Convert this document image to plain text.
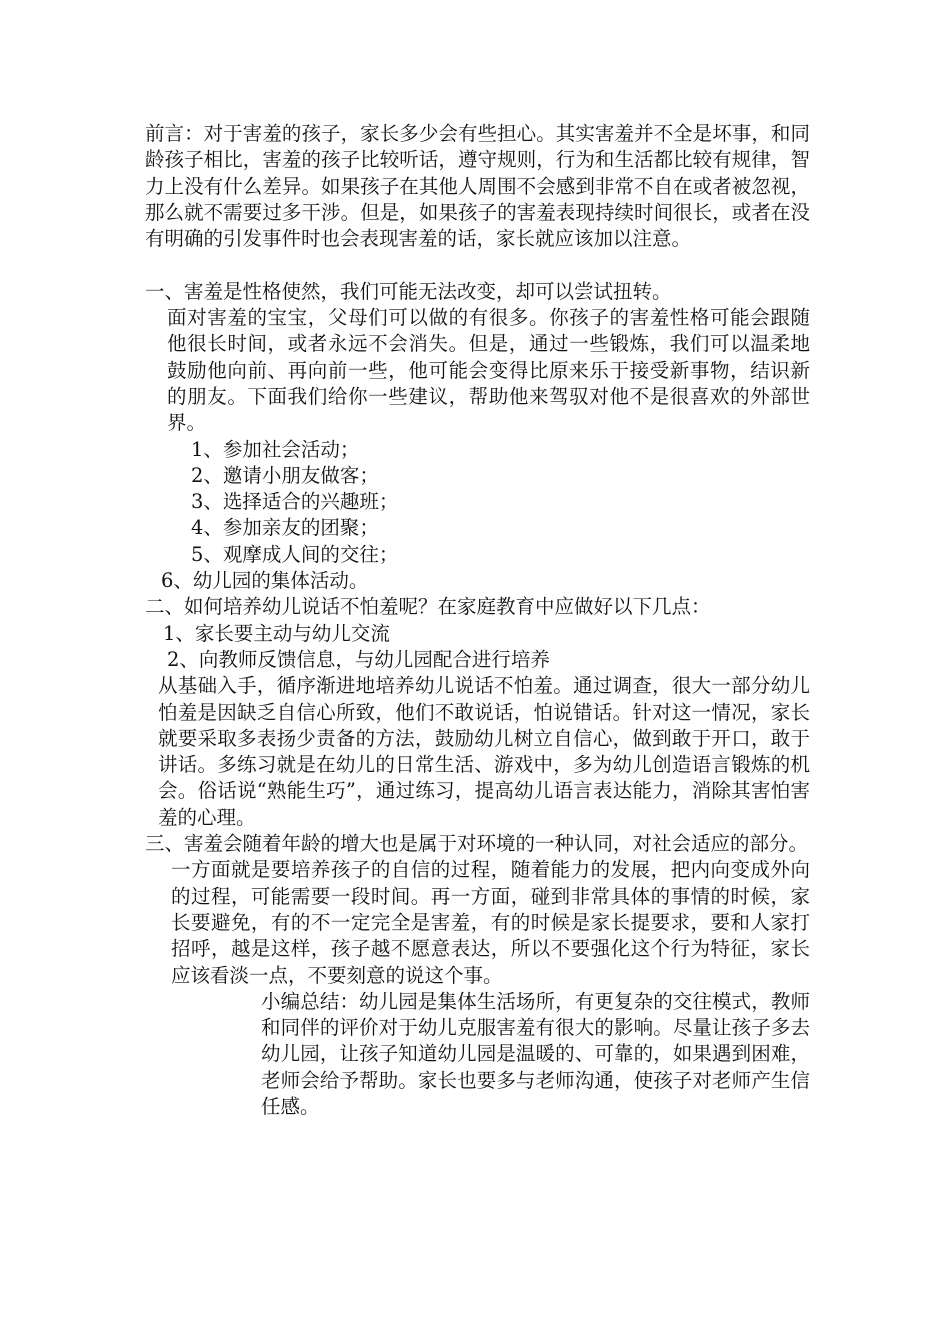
前言：对于害羞的孩子，家长多少会有些担心。其实害羞并不全是坏事，和同龄孩子相比，害羞的孩子比较听话，遵守规则，行为和生活都比较有规律，智力上没有什么差异。如果孩子在其他人周围不会感到非常不自在或者被忽视，那么就不需要过多干涉。但是，如果孩子的害羞表现持续时间很长，或者在没有明确的引发事件时也会表现害羞的话，家长就应该加以注意。

一、害羞是性格使然，我们可能无法改变，却可以尝试扭转。

面对害羞的宝宝，父母们可以做的有很多。你孩子的害羞性格可能会跟随他很长时间，或者永远不会消失。但是，通过一些锻炼，我们可以温柔地鼓励他向前、再向前一些，他可能会变得比原来乐于接受新事物，结识新的朋友。下面我们给你一些建议，帮助他来驾驭对他不是很喜欢的外部世界。

1、参加社会活动；

2、邀请小朋友做客；

3、选择适合的兴趣班；

4、参加亲友的团聚；

5、观摩成人间的交往；

6、幼儿园的集体活动。

二、如何培养幼儿说话不怕羞呢？在家庭教育中应做好以下几点：

1、家长要主动与幼儿交流

2、向教师反馈信息，与幼儿园配合进行培养

从基础入手，循序渐进地培养幼儿说话不怕羞。通过调查，很大一部分幼儿怕羞是因缺乏自信心所致，他们不敢说话，怕说错话。针对这一情况，家长就要采取多表扬少责备的方法，鼓励幼儿树立自信心，做到敢于开口，敢于讲话。多练习就是在幼儿的日常生活、游戏中，多为幼儿创造语言锻炼的机会。俗话说“熟能生巧”，通过练习，提高幼儿语言表达能力，消除其害怕害羞的心理。

三、害羞会随着年龄的增大也是属于对环境的一种认同，对社会适应的部分。

一方面就是要培养孩子的自信的过程，随着能力的发展，把内向变成外向的过程，可能需要一段时间。再一方面，碰到非常具体的事情的时候，家长要避免，有的不一定完全是害羞，有的时候是家长提要求，要和人家打招呼，越是这样，孩子越不愿意表达，所以不要强化这个行为特征，家长应该看淡一点，不要刻意的说这个事。

小编总结：幼儿园是集体生活场所，有更复杂的交往模式，教师和同伴的评价对于幼儿克服害羞有很大的影响。尽量让孩子多去幼儿园，让孩子知道幼儿园是温暖的、可靠的，如果遇到困难，老师会给予帮助。家长也要多与老师沟通，使孩子对老师产生信任感。
